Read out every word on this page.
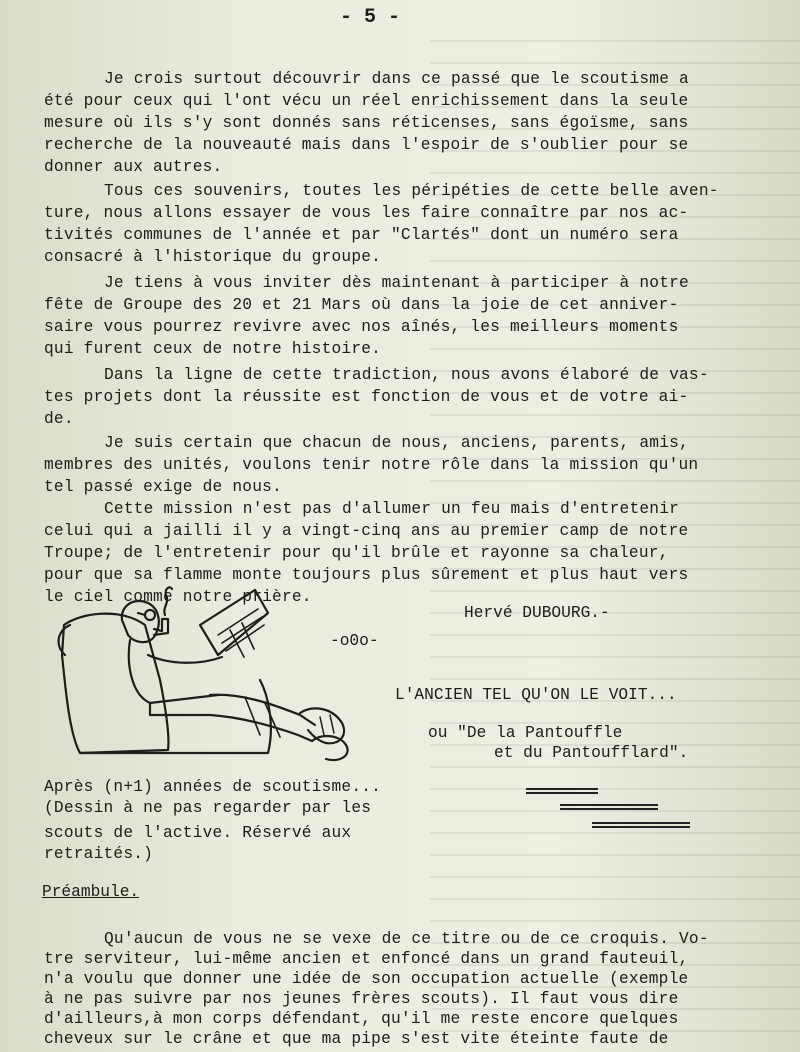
- 5 -
Je crois surtout découvrir dans ce passé que le scoutisme a
été pour ceux qui l'ont vécu un réel enrichissement dans la seule
mesure où ils s'y sont donnés sans réticenses, sans égoïsme, sans
recherche de la nouveauté mais dans l'espoir de s'oublier pour se
donner aux autres.
Tous ces souvenirs, toutes les péripéties de cette belle aven-
ture, nous allons essayer de vous les faire connaître par nos ac-
tivités communes de l'année et par "Clartés" dont un numéro sera
consacré à l'historique du groupe.
Je tiens à vous inviter dès maintenant à participer à notre
fête de Groupe des 20 et 21 Mars où dans la joie de cet anniver-
saire vous pourrez revivre avec nos aînés, les meilleurs moments
qui furent ceux de notre histoire.
Dans la ligne de cette tradiction, nous avons élaboré de vas-
tes projets dont la réussite est fonction de vous et de votre ai-
de.
Je suis certain que chacun de nous, anciens, parents, amis,
membres des unités, voulons tenir notre rôle dans la mission qu'un
tel passé exige de nous.
Cette mission n'est pas d'allumer un feu mais d'entretenir
celui qui a jailli il y a vingt-cinq ans au premier camp de notre
Troupe; de l'entretenir pour qu'il brûle et rayonne sa chaleur,
pour que sa flamme monte toujours plus sûrement et plus haut vers
le ciel comme notre prière.
Hervé DUBOURG.-
-o0o-
L'ANCIEN TEL QU'ON LE VOIT...
ou "De la Pantouffle
et du Pantoufflard".
Après (n+1) années de scoutisme...
(Dessin à ne pas regarder par les
scouts de l'active. Réservé aux
retraités.)
Préambule.
Qu'aucun de vous ne se vexe de ce titre ou de ce croquis. Vo-
tre serviteur, lui-même ancien et enfoncé dans un grand fauteuil,
n'a voulu que donner une idée de son occupation actuelle (exemple
à ne pas suivre par nos jeunes frères scouts). Il faut vous dire
d'ailleurs,à mon corps défendant, qu'il me reste encore quelques
cheveux sur le crâne et que ma pipe s'est vite éteinte faute de
